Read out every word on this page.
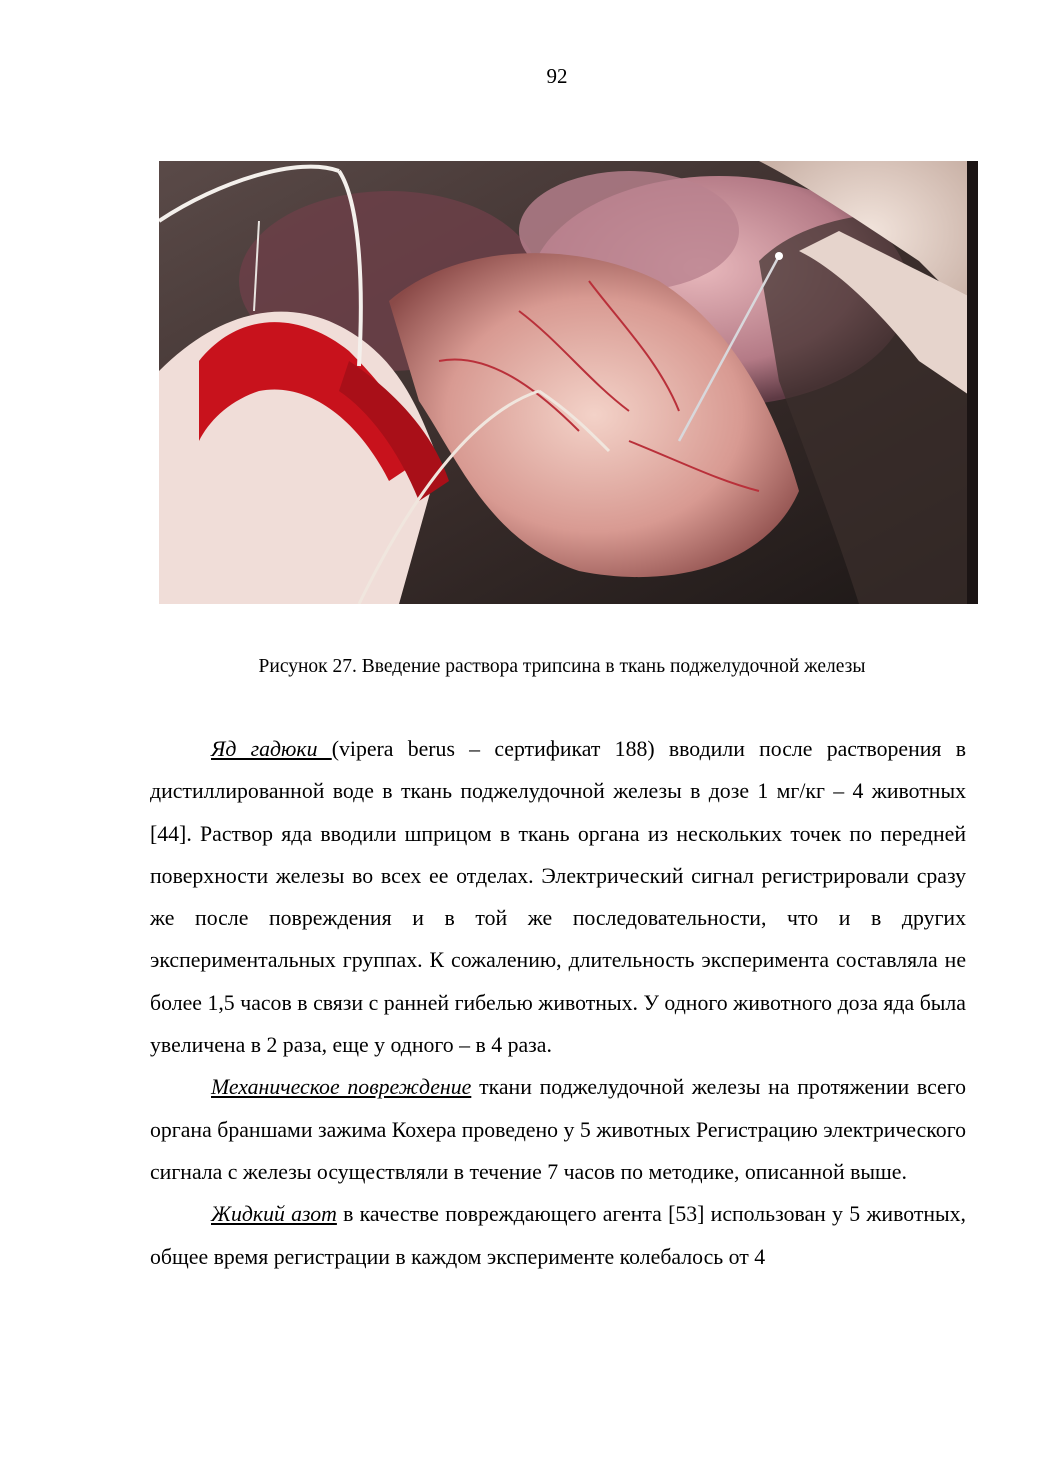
92
Рисунок 27. Введение раствора трипсина в ткань поджелудочной железы

Яд гадюки (vipera berus – сертификат 188) вводили после растворения в дистиллированной воде в ткань поджелудочной железы в дозе 1 мг/кг – 4 животных [44]. Раствор яда вводили шприцом в ткань органа из нескольких точек по передней поверхности железы во всех ее отделах. Электрический сигнал регистрировали сразу же после повреждения и в той же последовательности, что и в других экспериментальных группах. К сожалению, длительность эксперимента составляла не более 1,5 часов в связи с ранней гибелью животных. У одного животного доза яда была увеличена в 2 раза, еще у одного – в 4 раза.

Механическое повреждение ткани поджелудочной железы на протяжении всего органа браншами зажима Кохера проведено у 5 животных Регистрацию электрического сигнала с железы осуществляли в течение 7 часов по методике, описанной выше.

Жидкий азот в качестве повреждающего агента [53] использован у 5 животных, общее время регистрации в каждом эксперименте колебалось от 4
